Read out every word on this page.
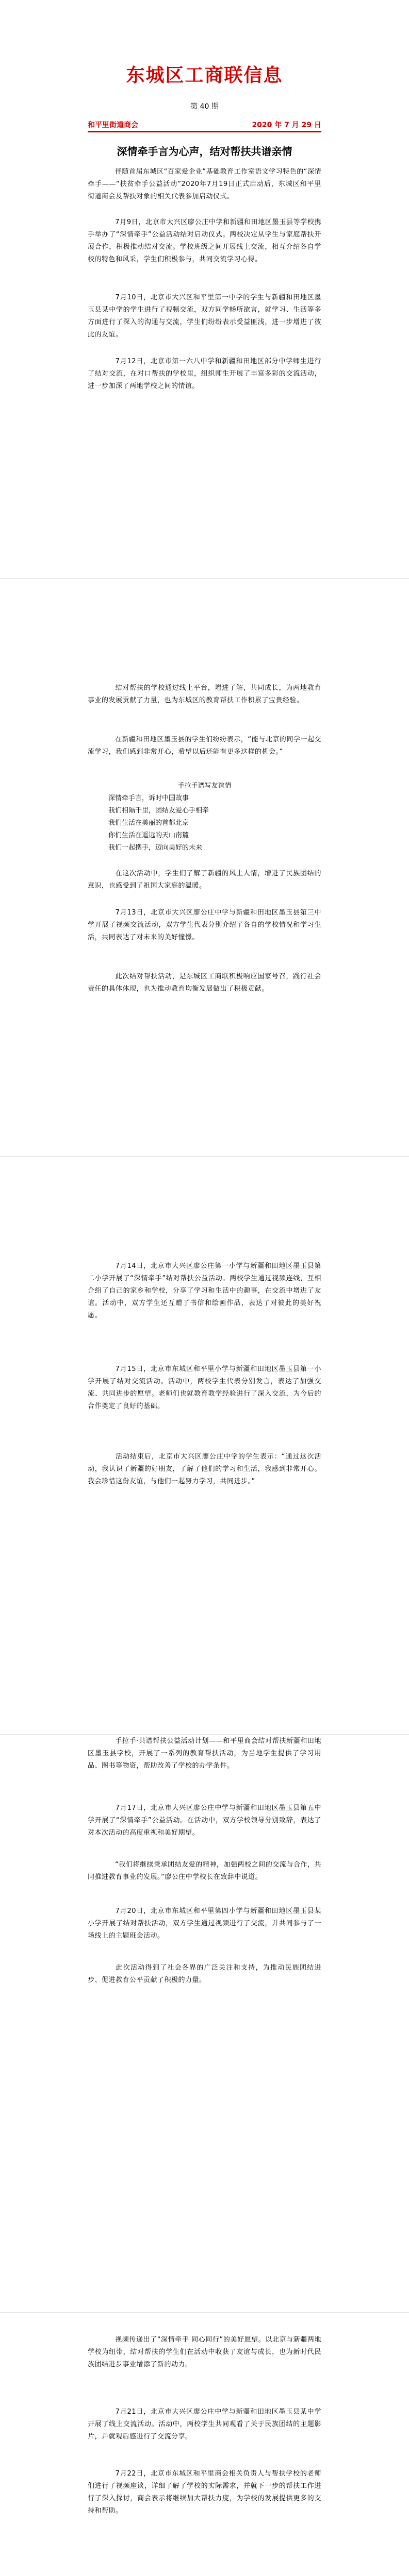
东城区工商联信息
第 40 期
和平里街道商会	2020 年 7 月 29 日
深情牵手言为心声，结对帮扶共谱亲情
　　伴随首届东城区“百家爱企业”基础教育工作室语文学习特色的“深情牵手——“扶贫牵手公益活动”2020年7月19日正式启动后，东城区和平里街道商会及帮扶对象的相关代表参加启动仪式。
　　7月9日，北京市大兴区廖公庄中学和新疆和田地区墨玉县等学校携手举办了“深情牵手”公益活动结对启动仪式。两校决定从学生与家庭帮扶开展合作，积极推动结对交流。学校班级之间开展线上交流，相互介绍各自学校的特色和风采，学生们积极参与，共同交流学习心得。
　　7月10日，北京市大兴区和平里第一中学的学生与新疆和田地区墨玉县某中学的学生进行了视频交流，双方同学畅所欲言，就学习、生活等多方面进行了深入的沟通与交流，学生们纷纷表示受益匪浅，进一步增进了彼此的友谊。
　　7月12日，北京市第一六八中学和新疆和田地区部分中学师生进行了结对交流，在对口帮扶的学校里，组织师生开展了丰富多彩的交流活动，进一步加深了两地学校之间的情谊。
　　结对帮扶的学校通过线上平台，增进了解，共同成长，为两地教育事业的发展贡献了力量，也为东城区的教育帮扶工作积累了宝贵经验。
　　在新疆和田地区墨玉县的学生们纷纷表示，“能与北京的同学一起交流学习，我们感到非常开心，希望以后还能有更多这样的机会。”
手拉手谱写友谊情
深情牵手言，诉时中国故事
我们相隔千里，团结友爱心手相牵
我们生活在美丽的首都北京
你们生活在遥远的天山南麓
我们一起携手，迈向美好的未来
　　在这次活动中，学生们了解了新疆的风土人情，增进了民族团结的意识，也感受到了祖国大家庭的温暖。
　　7月13日，北京市大兴区廖公庄中学与新疆和田地区墨玉县第三中学开展了视频交流活动，双方学生代表分别介绍了各自的学校情况和学习生活，共同表达了对未来的美好憧憬。
　　此次结对帮扶活动，是东城区工商联积极响应国家号召，践行社会责任的具体体现，也为推动教育均衡发展做出了积极贡献。
　　7月14日，北京市大兴区廖公庄第一小学与新疆和田地区墨玉县第二小学开展了“深情牵手”结对帮扶公益活动。两校学生通过视频连线，互相介绍了自己的家乡和学校，分享了学习和生活中的趣事，在交流中增进了友谊。活动中，双方学生还互赠了书信和绘画作品，表达了对彼此的美好祝愿。
　　7月15日，北京市东城区和平里小学与新疆和田地区墨玉县第一小学开展了结对交流活动。活动中，两校学生代表分别发言，表达了加强交流、共同进步的愿望。老师们也就教育教学经验进行了深入交流，为今后的合作奠定了良好的基础。
　　活动结束后，北京市大兴区廖公庄中学的学生表示：“通过这次活动，我认识了新疆的好朋友，了解了他们的学习和生活，我感到非常开心。我会珍惜这份友谊，与他们一起努力学习，共同进步。”
　　手拉手·共谱帮扶公益活动计划——和平里商会结对帮扶新疆和田地区墨玉县学校，开展了一系列的教育帮扶活动，为当地学生提供了学习用品、图书等物资，帮助改善了学校的办学条件。
　　7月17日，北京市大兴区廖公庄中学与新疆和田地区墨玉县第五中学开展了“深情牵手”公益活动。在活动中，双方学校领导分别致辞，表达了对本次活动的高度重视和美好期望。
　　“我们将继续秉承团结友爱的精神，加强两校之间的交流与合作，共同推进教育事业的发展。”廖公庄中学校长在致辞中说道。
　　7月20日，北京市东城区和平里第四小学与新疆和田地区墨玉县某小学开展了结对帮扶活动，双方学生通过视频进行了交流，并共同参与了一场线上的主题班会活动。
　　此次活动得到了社会各界的广泛关注和支持，为推动民族团结进步、促进教育公平贡献了积极的力量。
　　视频传递出了“深情牵手 同心同行”的美好愿望。以北京与新疆两地学校为纽带，结对帮扶的学生们在活动中收获了友谊与成长，也为新时代民族团结进步事业增添了新的动力。
　　7月21日，北京市大兴区廖公庄中学与新疆和田地区墨玉县某中学开展了线上交流活动。活动中，两校学生共同观看了关于民族团结的主题影片，并就观后感进行了交流分享。
　　7月22日，北京市东城区和平里商会相关负责人与帮扶学校的老师们进行了视频座谈，详细了解了学校的实际需求，并就下一步的帮扶工作进行了深入探讨，商会表示将继续加大帮扶力度，为学校的发展提供更多的支持和帮助。
